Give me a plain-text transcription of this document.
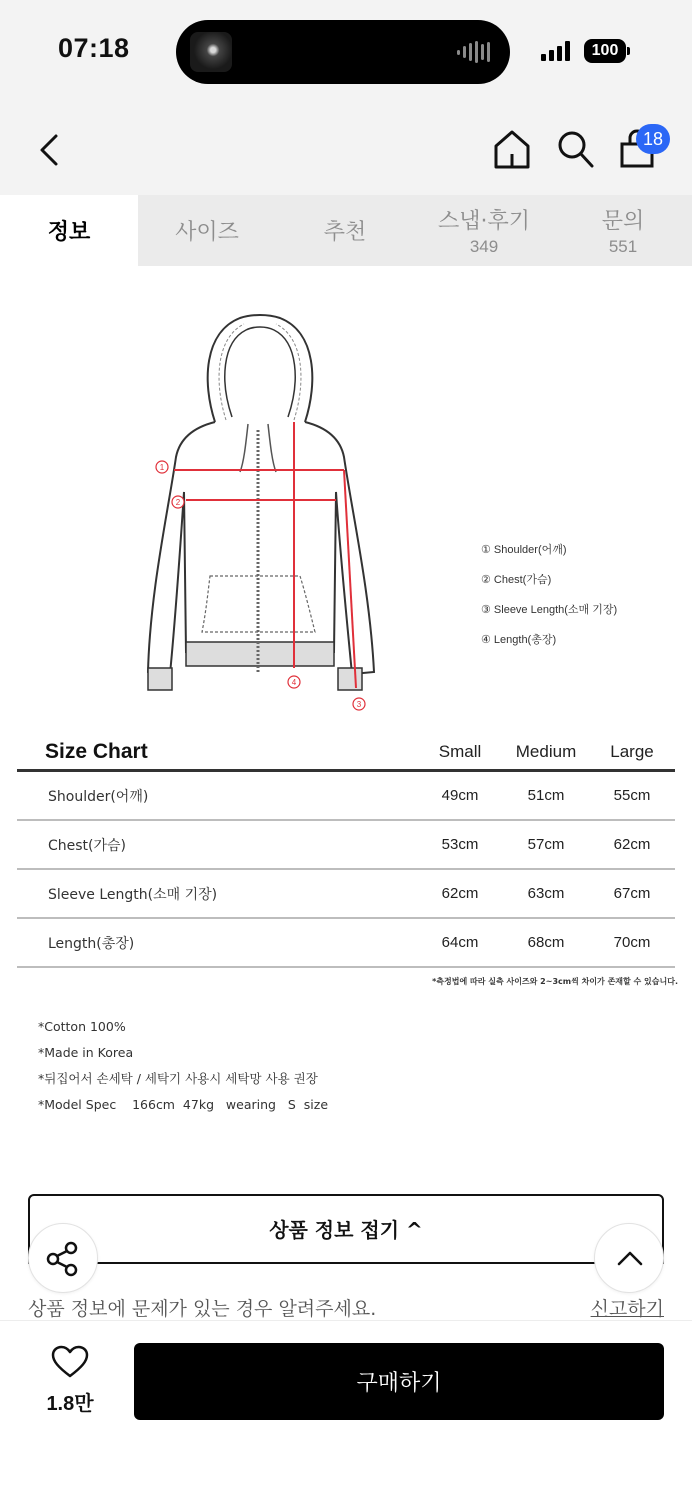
07:18	100
18
정보	사이즈	추천	스냅·후기
349
문의
551
1
2
3
4
① Shoulder(어깨)
② Chest(가슴)
③ Sleeve Length(소매 기장)
④ Length(총장)
Size Chart	Small	Medium	Large
Shoulder(어깨)	49cm	51cm	55cm
Chest(가슴)	53cm	57cm	62cm
Sleeve Length(소매 기장)	62cm	63cm	67cm
Length(총장)	64cm	68cm	70cm
*측정법에 따라 실측 사이즈와 2~3cm씩 차이가 존재할 수 있습니다.
*Cotton 100%
*Made in Korea
*뒤집어서 손세탁 / 세탁기 사용시 세탁망 사용 권장
*Model Spec    166cm  47kg   wearing   S  size
상품 정보 접기 ^
상품 정보에 문제가 있는 경우 알려주세요.	신고하기
1.8만
구매하기
